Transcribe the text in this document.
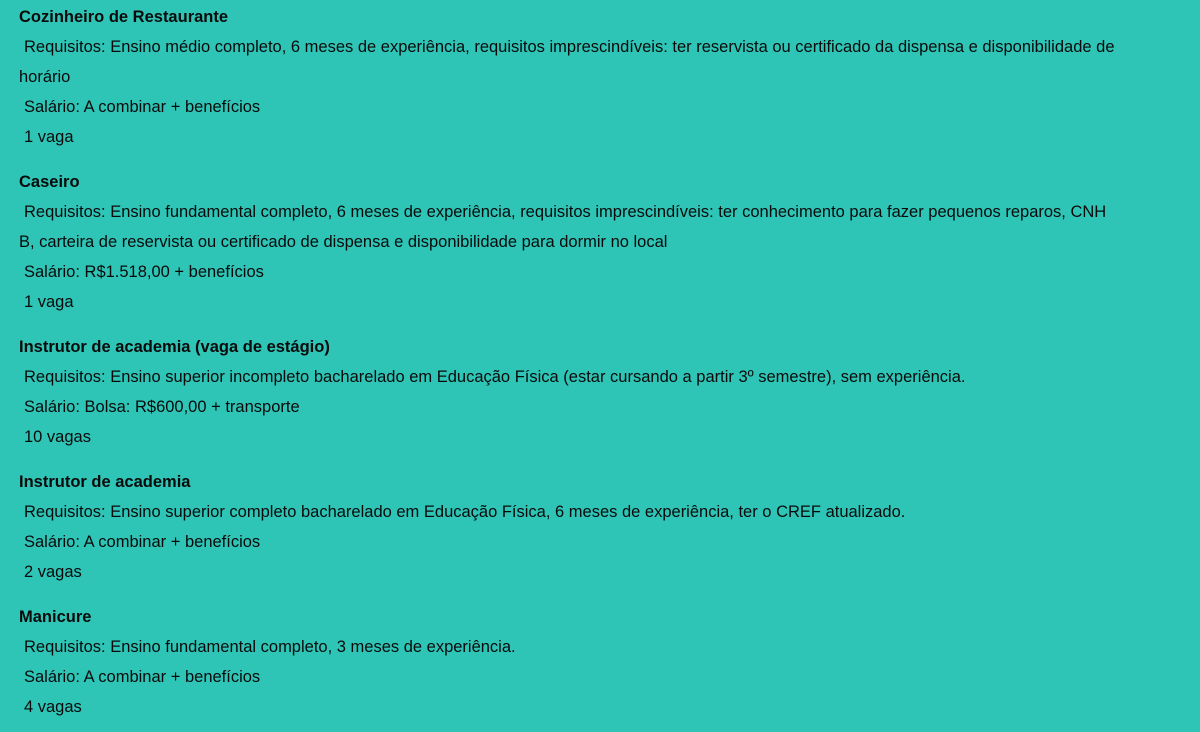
Cozinheiro de Restaurante
Requisitos: Ensino médio completo, 6 meses de experiência, requisitos imprescindíveis: ter reservista ou certificado da dispensa e disponibilidade de horário
Salário: A combinar + benefícios
1 vaga
Caseiro
Requisitos: Ensino fundamental completo, 6 meses de experiência, requisitos imprescindíveis: ter conhecimento para fazer pequenos reparos, CNH B, carteira de reservista ou certificado de dispensa e disponibilidade para dormir no local
Salário: R$1.518,00 + benefícios
1 vaga
Instrutor de academia (vaga de estágio)
Requisitos: Ensino superior incompleto bacharelado em Educação Física (estar cursando a partir 3º semestre), sem experiência.
Salário: Bolsa: R$600,00 + transporte
10 vagas
Instrutor de academia
Requisitos: Ensino superior completo bacharelado em Educação Física, 6 meses de experiência, ter o CREF atualizado.
Salário: A combinar + benefícios
2 vagas
Manicure
Requisitos: Ensino fundamental completo, 3 meses de experiência.
Salário: A combinar + benefícios
4 vagas
